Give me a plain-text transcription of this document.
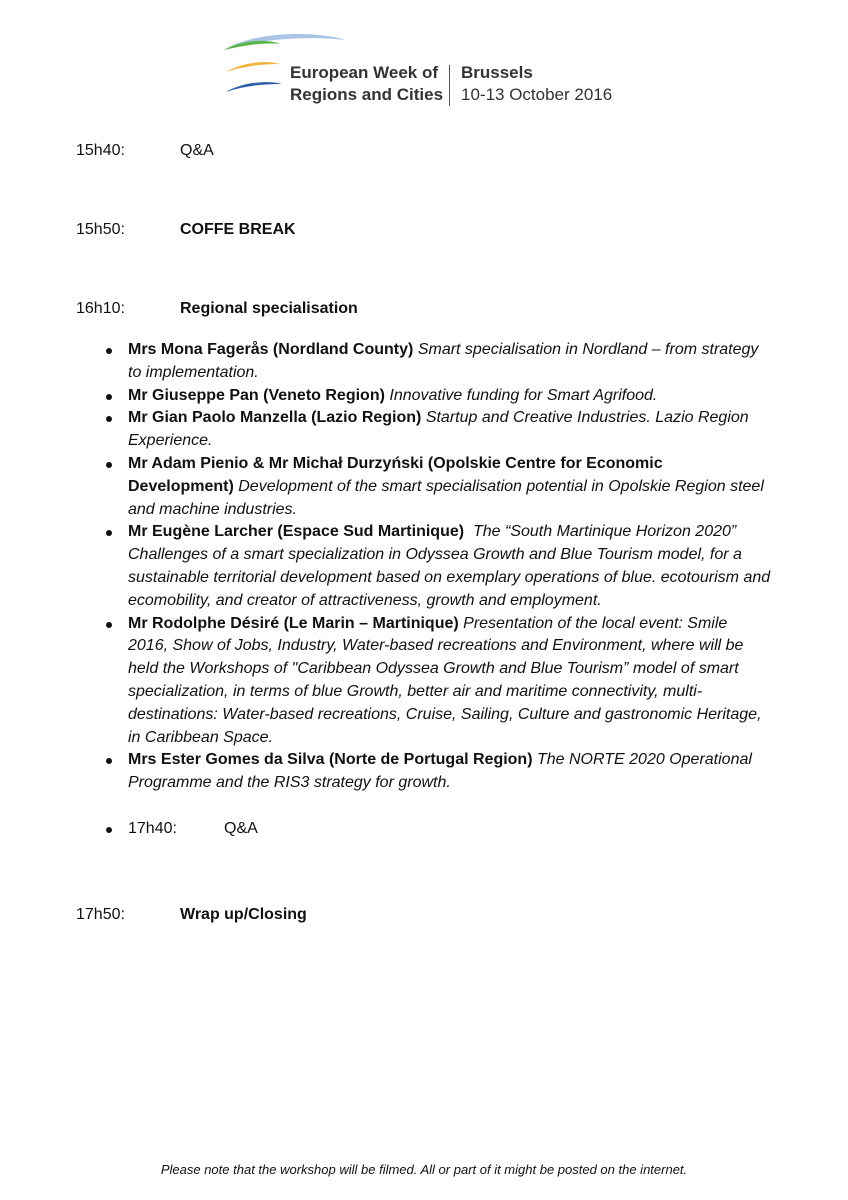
European Week of
Regions and Cities
Brussels
10-13 October 2016
15h40:	Q&A
15h50:	COFFE BREAK
16h10:	Regional specialisation
Mrs Mona Fagerås (Nordland County) Smart specialisation in Nordland – from strategy to implementation.
Mr Giuseppe Pan (Veneto Region) Innovative funding for Smart Agrifood.
Mr Gian Paolo Manzella (Lazio Region) Startup and Creative Industries. Lazio Region Experience.
Mr Adam Pienio & Mr Michał Durzyński (Opolskie Centre for Economic Development) Development of the smart specialisation potential in Opolskie Region steel and machine industries.
Mr Eugène Larcher (Espace Sud Martinique) The “South Martinique Horizon 2020” Challenges of a smart specialization in Odyssea Growth and Blue Tourism model, for a sustainable territorial development based on exemplary operations of blue. ecotourism and ecomobility, and creator of attractiveness, growth and employment.
Mr Rodolphe Désiré (Le Marin – Martinique) Presentation of the local event: Smile 2016, Show of Jobs, Industry, Water-based recreations and Environment, where will be held the Workshops of "Caribbean Odyssea Growth and Blue Tourism” model of smart specialization, in terms of blue Growth, better air and maritime connectivity, multi-destinations: Water-based recreations, Cruise, Sailing, Culture and gastronomic Heritage, in Caribbean Space.
Mrs Ester Gomes da Silva (Norte de Portugal Region) The NORTE 2020 Operational Programme and the RIS3 strategy for growth.
17h40:	Q&A
17h50:	Wrap up/Closing
Please note that the workshop will be filmed. All or part of it might be posted on the internet.
